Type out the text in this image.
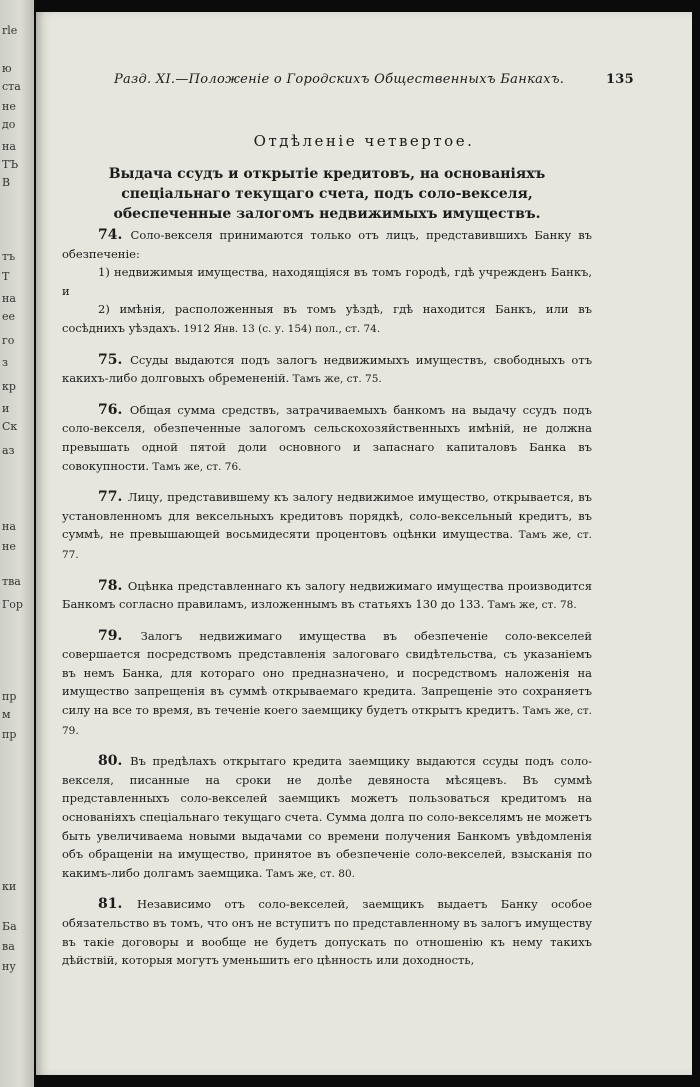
rle
ю
ста
не
до
на
ТЪ
В
тъ
T
на
ее
го
з
кр
и
Ск
аз
на
не
тва
Гор
пр
м
пр
ки
Ба
ва
ну
Разд. XI.—Положеніе о Городскихъ Общественныхъ Банкахъ.	135
Отдѣленіе четвертое.
Выдача ссудъ и открытіе кредитовъ, на основаніяхъ спеціальнаго текущаго счета, подъ соло-векселя, обеспеченные залогомъ недвижимыхъ имуществъ.
74. Соло-векселя принимаются только отъ лицъ, представившихъ Банку въ обезпеченіе:
1) недвижимыя имущества, находящіяся въ томъ городѣ, гдѣ учрежденъ Банкъ, и
2) имѣнія, расположенныя въ томъ уѣздѣ, гдѣ находится Банкъ, или въ сосѣднихъ уѣздахъ. 1912 Янв. 13 (с. у. 154) пол., ст. 74.
75. Ссуды выдаются подъ залогъ недвижимыхъ имуществъ, свободныхъ отъ какихъ-либо долговыхъ обремененій. Тамъ же, ст. 75.
76. Общая сумма средствъ, затрачиваемыхъ банкомъ на выдачу ссудъ подъ соло-векселя, обезпеченные залогомъ сельскохозяйственныхъ имѣній, не должна превышать одной пятой доли основного и запаснаго капиталовъ Банка въ совокупности. Тамъ же, ст. 76.
77. Лицу, представившему къ залогу недвижимое имущество, открывается, въ установленномъ для вексельныхъ кредитовъ порядкѣ, соло-вексельный кредитъ, въ суммѣ, не превышающей восьмидесяти процентовъ оцѣнки имущества. Тамъ же, ст. 77.
78. Оцѣнка представленнаго къ залогу недвижимаго имущества производится Банкомъ согласно правиламъ, изложеннымъ въ статьяхъ 130 до 133. Тамъ же, ст. 78.
79. Залогъ недвижимаго имущества въ обезпеченіе соло-векселей совершается посредствомъ представленія залоговаго свидѣтельства, съ указаніемъ въ немъ Банка, для котораго оно предназначено, и посредствомъ наложенія на имущество запрещенія въ суммѣ открываемаго кредита. Запрещеніе это сохраняетъ силу на все то время, въ теченіе коего заемщику будетъ открытъ кредитъ. Тамъ же, ст. 79.
80. Въ предѣлахъ открытаго кредита заемщику выдаются ссуды подъ соло-векселя, писанные на сроки не долѣе девяноста мѣсяцевъ. Въ суммѣ представленныхъ соло-векселей заемщикъ можетъ пользоваться кредитомъ на основаніяхъ спеціальнаго текущаго счета. Сумма долга по соло-векселямъ не можетъ быть увеличиваема новыми выдачами со времени получения Банкомъ увѣдомленія объ обращеніи на имущество, принятое въ обезпеченіе соло-векселей, взысканія по какимъ-либо долгамъ заемщика. Тамъ же, ст. 80.
81. Независимо отъ соло-векселей, заемщикъ выдаетъ Банку особое обязательство въ томъ, что онъ не вступитъ по представленному въ залогъ имуществу въ такіе договоры и вообще не будетъ допускать по отношенію къ нему такихъ дѣйствій, которыя могутъ уменьшить его цѣнность или доходность,
